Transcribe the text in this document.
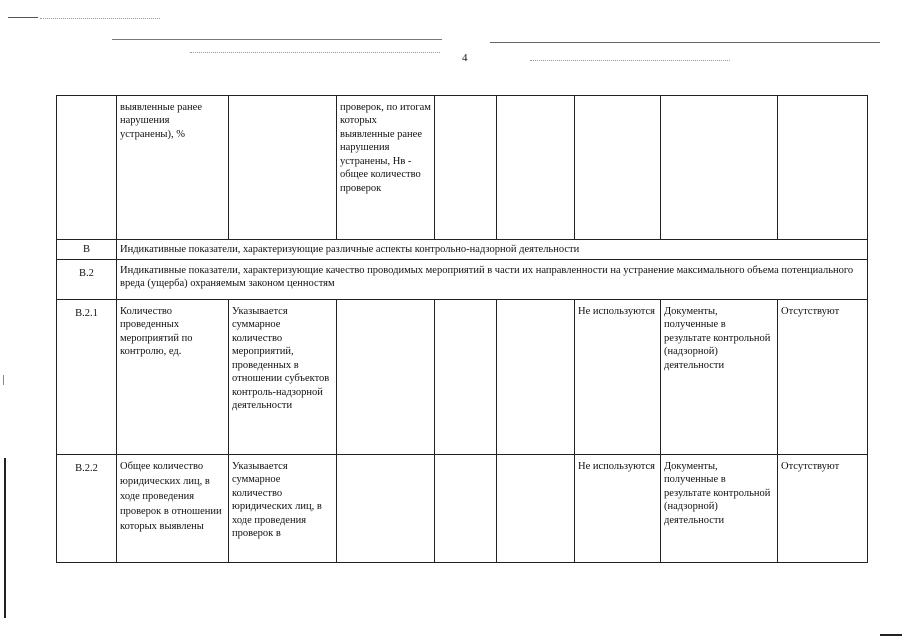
4
	выявленные ранее нарушения устранены), %		проверок, по итогам которых выявленные ранее нарушения устранены, Нв - общее количество проверок					
В	Индикативные показатели, характеризующие различные аспекты контрольно-надзорной деятельности							
В.2	Индикативные показатели, характеризующие качество проводимых мероприятий в части их направленности на устранение максимального объема потенциального вреда (ущерба) охраняемым законом ценностям							
В.2.1	Количество проведенных мероприятий по контролю, ед.	Указывается суммарное количество мероприятий, проведенных в отношении субъектов контроль-надзорной деятельности				Не используются	Документы, полученные в результате контрольной (надзорной) деятельности	Отсутствуют
В.2.2	Общее количество юридических лиц, в ходе проведения проверок в отношении которых выявлены	Указывается суммарное количество юридических лиц, в ходе проведения проверок в				Не используются	Документы, полученные в результате контрольной (надзорной) деятельности	Отсутствуют
